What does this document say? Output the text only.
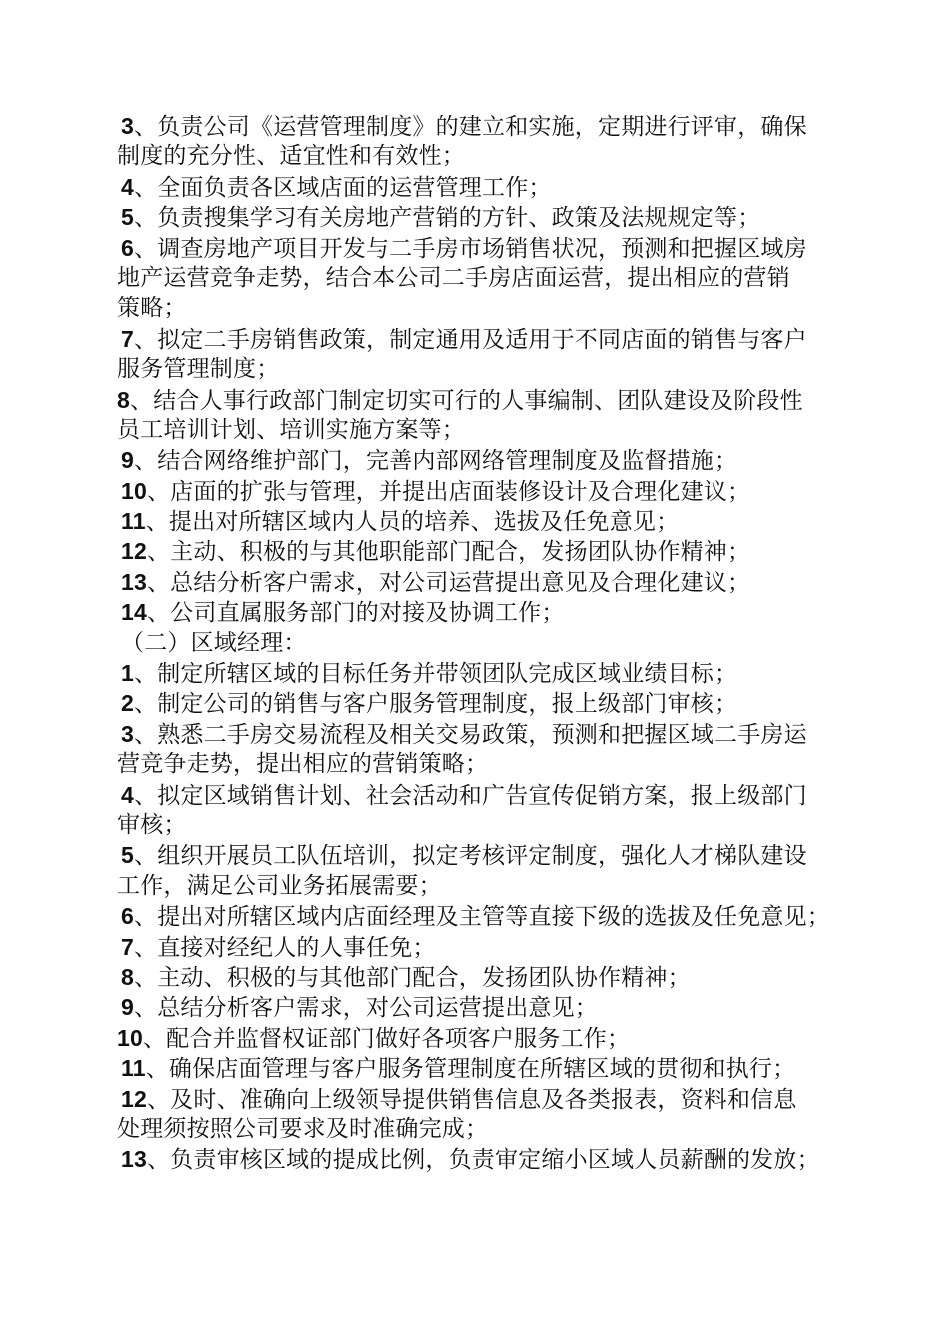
3、负责公司《运营管理制度》的建立和实施，定期进行评审，确保
制度的充分性、适宜性和有效性；
4、全面负责各区域店面的运营管理工作；
5、负责搜集学习有关房地产营销的方针、政策及法规规定等；
6、调查房地产项目开发与二手房市场销售状况，预测和把握区域房
地产运营竞争走势，结合本公司二手房店面运营，提出相应的营销
策略；
7、拟定二手房销售政策，制定通用及适用于不同店面的销售与客户
服务管理制度；
8、结合人事行政部门制定切实可行的人事编制、团队建设及阶段性
员工培训计划、培训实施方案等；
9、结合网络维护部门，完善内部网络管理制度及监督措施；
10、店面的扩张与管理，并提出店面装修设计及合理化建议；
11、提出对所辖区域内人员的培养、选拔及任免意见；
12、主动、积极的与其他职能部门配合，发扬团队协作精神；
13、总结分析客户需求，对公司运营提出意见及合理化建议；
14、公司直属服务部门的对接及协调工作；
（二）区域经理：
1、制定所辖区域的目标任务并带领团队完成区域业绩目标；
2、制定公司的销售与客户服务管理制度，报上级部门审核；
3、熟悉二手房交易流程及相关交易政策，预测和把握区域二手房运
营竞争走势，提出相应的营销策略；
4、拟定区域销售计划、社会活动和广告宣传促销方案，报上级部门
审核；
5、组织开展员工队伍培训，拟定考核评定制度，强化人才梯队建设
工作，满足公司业务拓展需要；
6、提出对所辖区域内店面经理及主管等直接下级的选拔及任免意见；
7、直接对经纪人的人事任免；
8、主动、积极的与其他部门配合，发扬团队协作精神；
9、总结分析客户需求，对公司运营提出意见；
10、配合并监督权证部门做好各项客户服务工作；
11、确保店面管理与客户服务管理制度在所辖区域的贯彻和执行；
12、及时、准确向上级领导提供销售信息及各类报表，资料和信息
处理须按照公司要求及时准确完成；
13、负责审核区域的提成比例，负责审定缩小区域人员薪酬的发放；
